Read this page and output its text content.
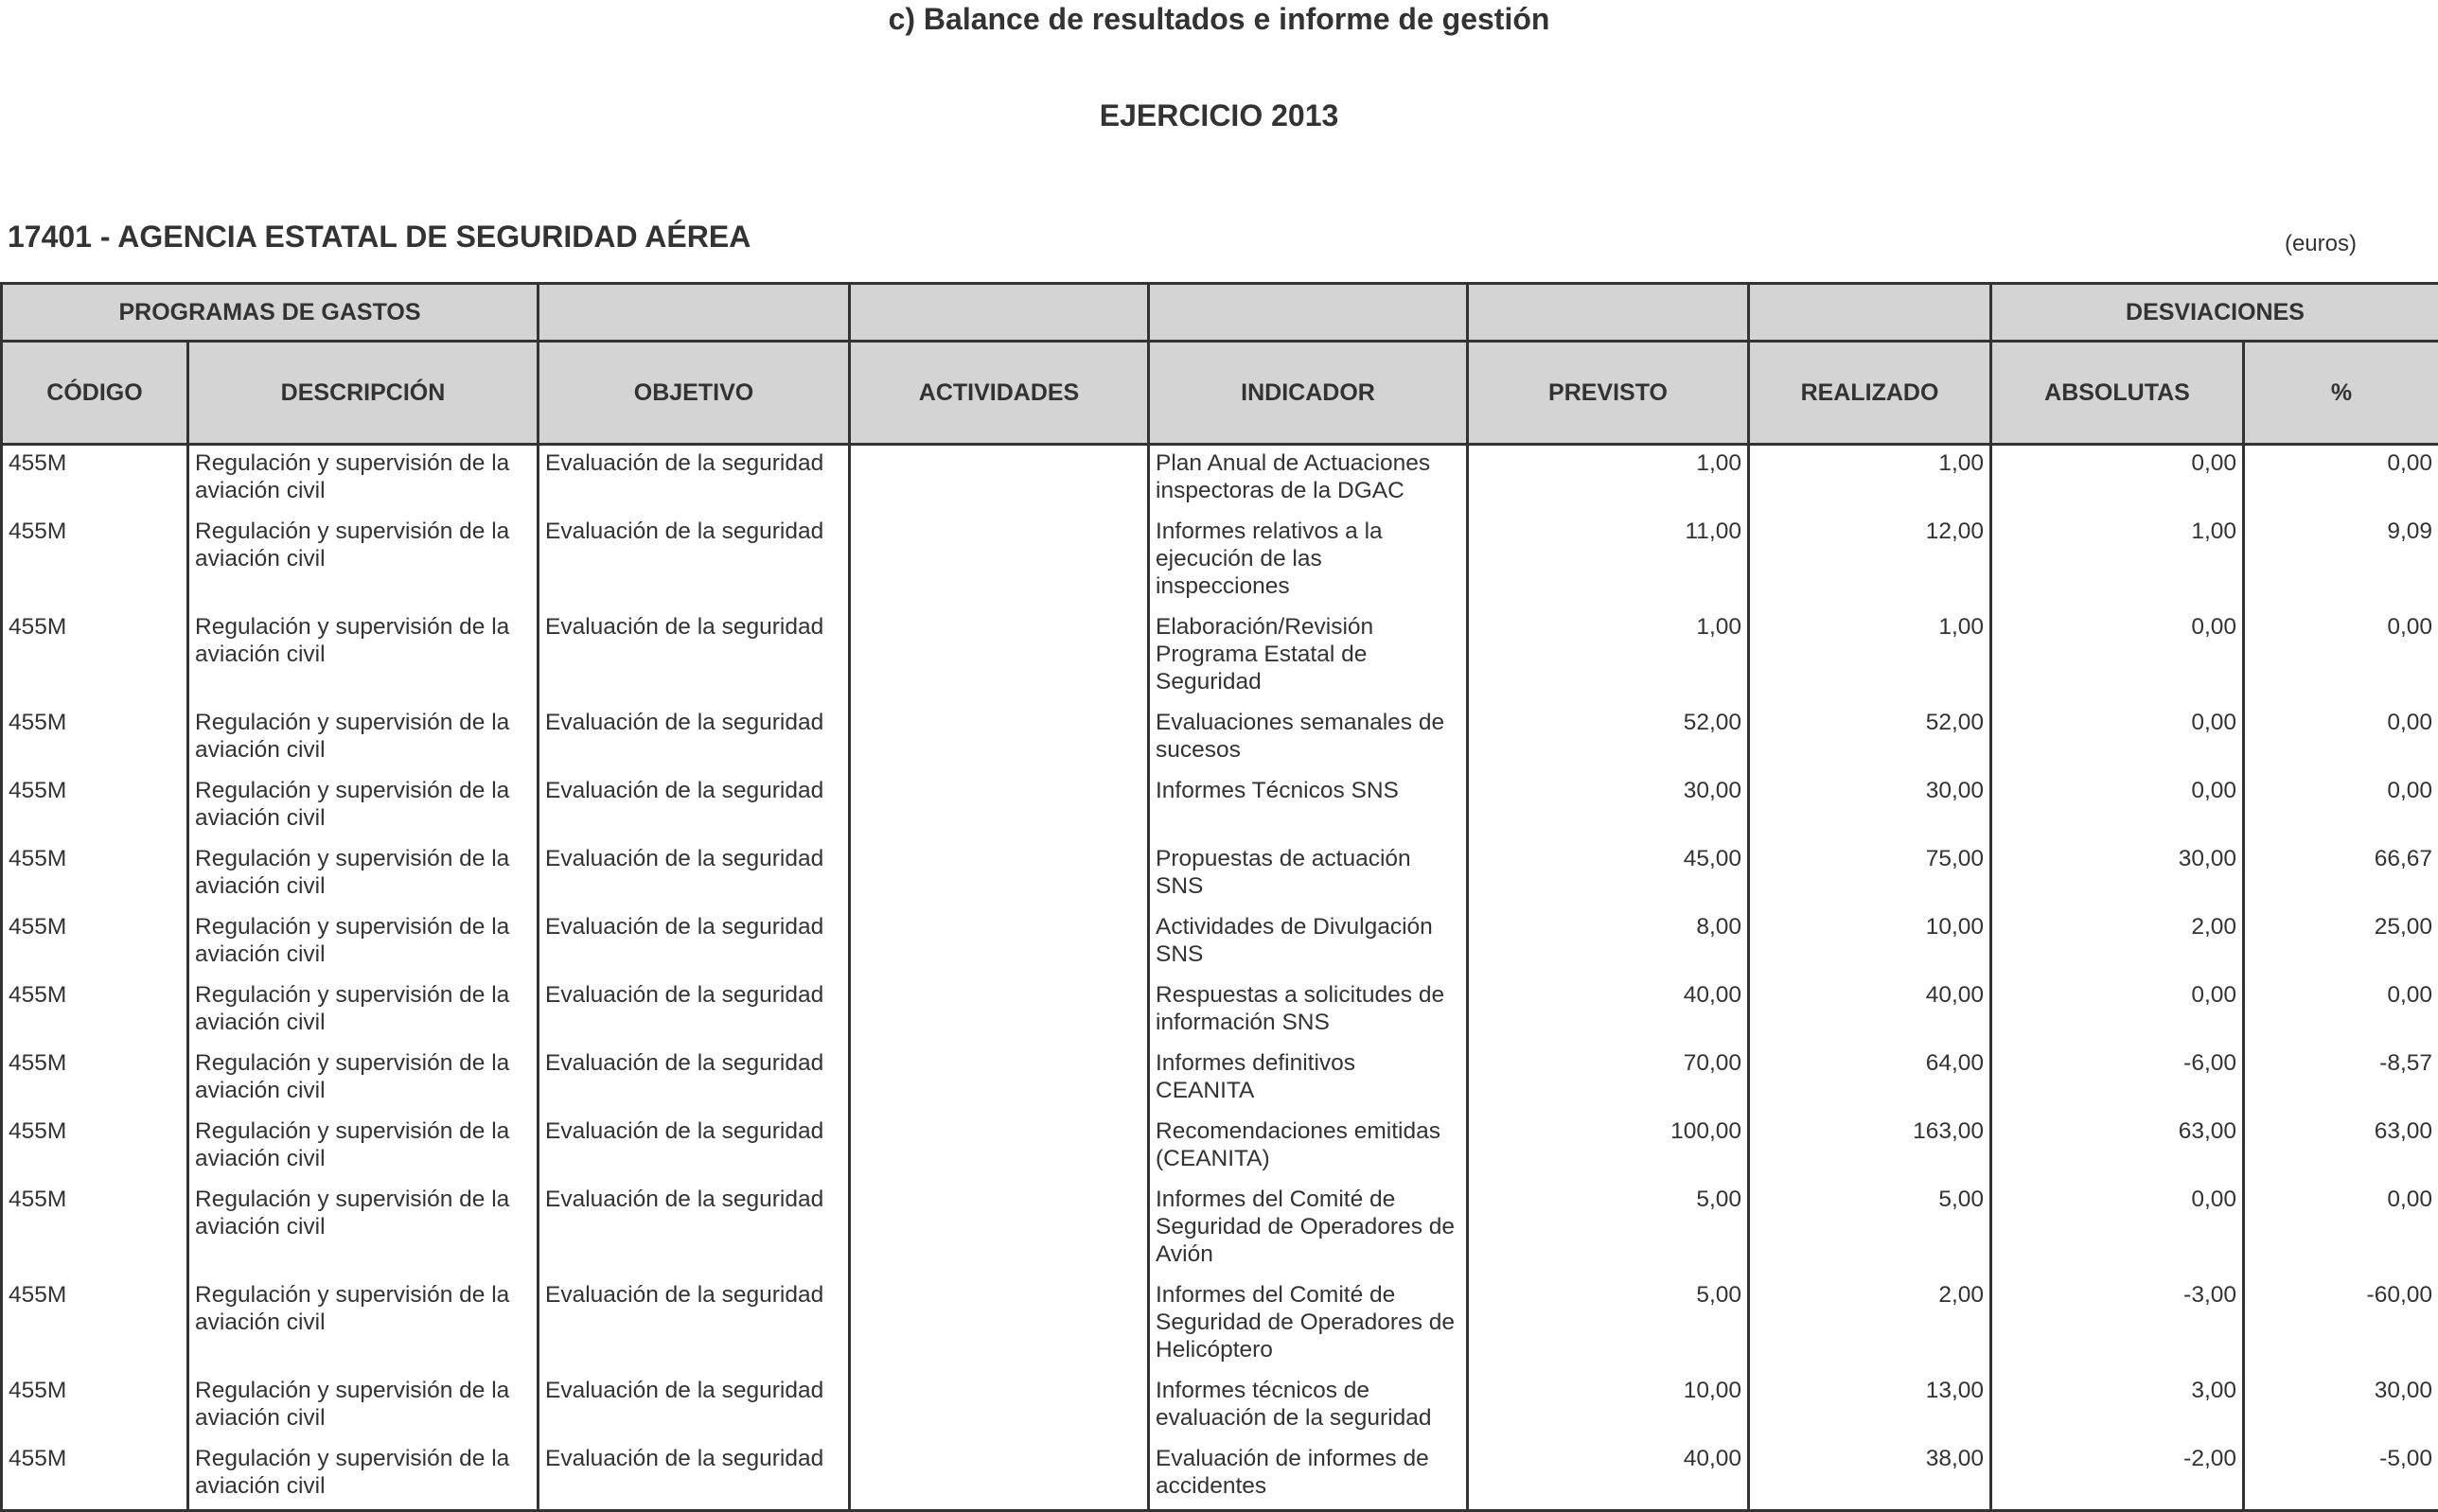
c) Balance de resultados e informe de gestión
EJERCICIO 2013
17401 - AGENCIA ESTATAL DE SEGURIDAD AÉREA	(euros)
PROGRAMAS DE GASTOS							DESVIACIONES	
CÓDIGO	DESCRIPCIÓN	OBJETIVO	ACTIVIDADES	INDICADOR	PREVISTO	REALIZADO	ABSOLUTAS	%
455M	Regulación y supervisión de la aviación civil	Evaluación de la seguridad		Plan Anual de Actuaciones inspectoras de la DGAC	1,00	1,00	0,00	0,00
455M	Regulación y supervisión de la aviación civil	Evaluación de la seguridad		Informes relativos a la ejecución de las inspecciones	11,00	12,00	1,00	9,09
455M	Regulación y supervisión de la aviación civil	Evaluación de la seguridad		Elaboración/Revisión Programa Estatal de Seguridad	1,00	1,00	0,00	0,00
455M	Regulación y supervisión de la aviación civil	Evaluación de la seguridad		Evaluaciones semanales de sucesos	52,00	52,00	0,00	0,00
455M	Regulación y supervisión de la aviación civil	Evaluación de la seguridad		Informes Técnicos SNS	30,00	30,00	0,00	0,00
455M	Regulación y supervisión de la aviación civil	Evaluación de la seguridad		Propuestas de actuación SNS	45,00	75,00	30,00	66,67
455M	Regulación y supervisión de la aviación civil	Evaluación de la seguridad		Actividades de Divulgación SNS	8,00	10,00	2,00	25,00
455M	Regulación y supervisión de la aviación civil	Evaluación de la seguridad		Respuestas a solicitudes de información SNS	40,00	40,00	0,00	0,00
455M	Regulación y supervisión de la aviación civil	Evaluación de la seguridad		Informes definitivos CEANITA	70,00	64,00	-6,00	-8,57
455M	Regulación y supervisión de la aviación civil	Evaluación de la seguridad		Recomendaciones emitidas (CEANITA)	100,00	163,00	63,00	63,00
455M	Regulación y supervisión de la aviación civil	Evaluación de la seguridad		Informes del Comité de Seguridad de Operadores de Avión	5,00	5,00	0,00	0,00
455M	Regulación y supervisión de la aviación civil	Evaluación de la seguridad		Informes del Comité de Seguridad de Operadores de Helicóptero	5,00	2,00	-3,00	-60,00
455M	Regulación y supervisión de la aviación civil	Evaluación de la seguridad		Informes técnicos de evaluación de la seguridad	10,00	13,00	3,00	30,00
455M	Regulación y supervisión de la aviación civil	Evaluación de la seguridad		Evaluación de informes de accidentes	40,00	38,00	-2,00	-5,00
